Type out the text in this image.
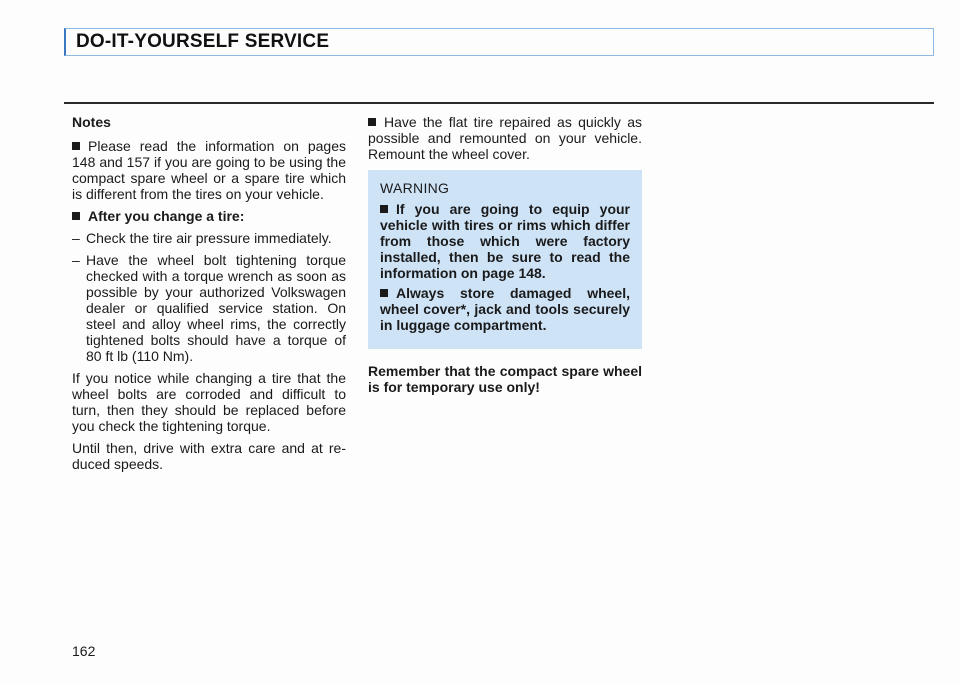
DO-IT-YOURSELF SERVICE
Notes

Please read the information on pages 148 and 157 if you are going to be using the compact spare wheel or a spare tire which is different from the tires on your vehicle.

After you change a tire:

– Check the tire air pressure immediately.

– Have the wheel bolt tightening torque checked with a torque wrench as soon as possible by your authorized Volkswagen dealer or qualified service station. On steel and alloy wheel rims, the correctly tightened bolts should have a torque of 80 ft lb (110 Nm).

If you notice while changing a tire that the wheel bolts are corroded and difficult to turn, then they should be replaced before you check the tightening torque.

Until then, drive with extra care and at re-duced speeds.

Have the flat tire repaired as quickly as possible and remounted on your vehicle. Remount the wheel cover.

WARNING

If you are going to equip your vehicle with tires or rims which differ from those which were factory installed, then be sure to read the information on page 148.

Always store damaged wheel, wheel cover*, jack and tools securely in luggage compartment.

Remember that the compact spare wheel is for temporary use only!

162
